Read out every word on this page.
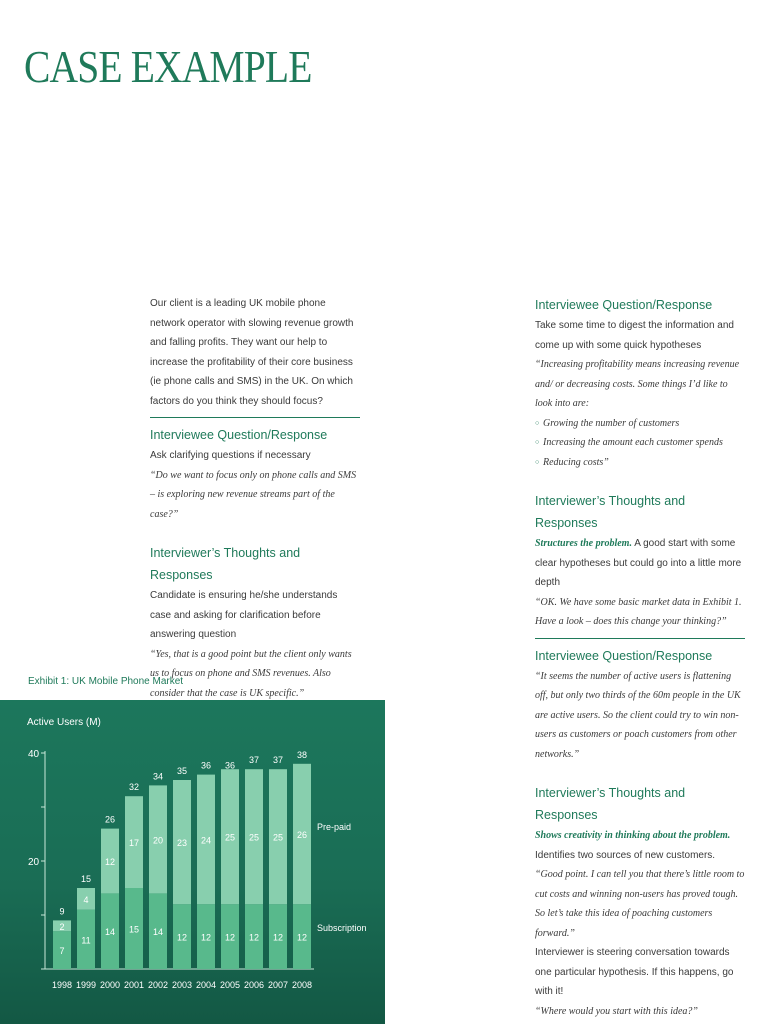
CASE EXAMPLE

Our client is a leading UK mobile phone network operator with slowing revenue growth and falling profits. They want our help to increase the profitability of their core business (ie phone calls and SMS) in the UK. On which factors do you think they should focus?

Interviewee Question/Response

Ask clarifying questions if necessary

“Do we want to focus only on phone calls and SMS – is exploring new revenue streams part of the case?”

Interviewer’s Thoughts and Responses

Candidate is ensuring he/she understands case and asking for clarification before answering question

“Yes, that is a good point but the client only wants us to focus on phone and SMS revenues. Also consider that the case is UK specific.”

Interviewee Question/Response

Take some time to digest the information and come up with some quick hypotheses

“Increasing profitability means increasing revenue and/ or decreasing costs. Some things I’d like to look into are:

○ Growing the number of customers
○ Increasing the amount each customer spends
○ Reducing costs”

Interviewer’s Thoughts and Responses

Structures the problem. A good start with some clear hypotheses but could go into a little more depth

“OK. We have some basic market data in Exhibit 1. Have a look – does this change your thinking?”

Interviewee Question/Response

“It seems the number of active users is flattening off, but only two thirds of the 60m people in the UK are active users. So the client could try to win non-users as customers or poach customers from other networks.”

Interviewer’s Thoughts and Responses

Shows creativity in thinking about the problem.

Identifies two sources of new customers.

“Good point. I can tell you that there’s little room to cut costs and winning non-users has proved tough. So let’s take this idea of poaching customers forward.”

Interviewer is steering conversation towards one particular hypothesis. If this happens, go with it!

“Where would you start with this idea?”

Exhibit 1: UK Mobile Phone Market

Active Users (M)
40
20
7
2
9
1998
11
4
15
1999
14
12
26
2000
15
17
32
2001
14
20
34
2002
12
23
35
2003
12
24
36
2004
12
25
36
2005
12
25
37
2006
12
25
37
2007
12
26
38
2008
Pre-paid
Subscription
